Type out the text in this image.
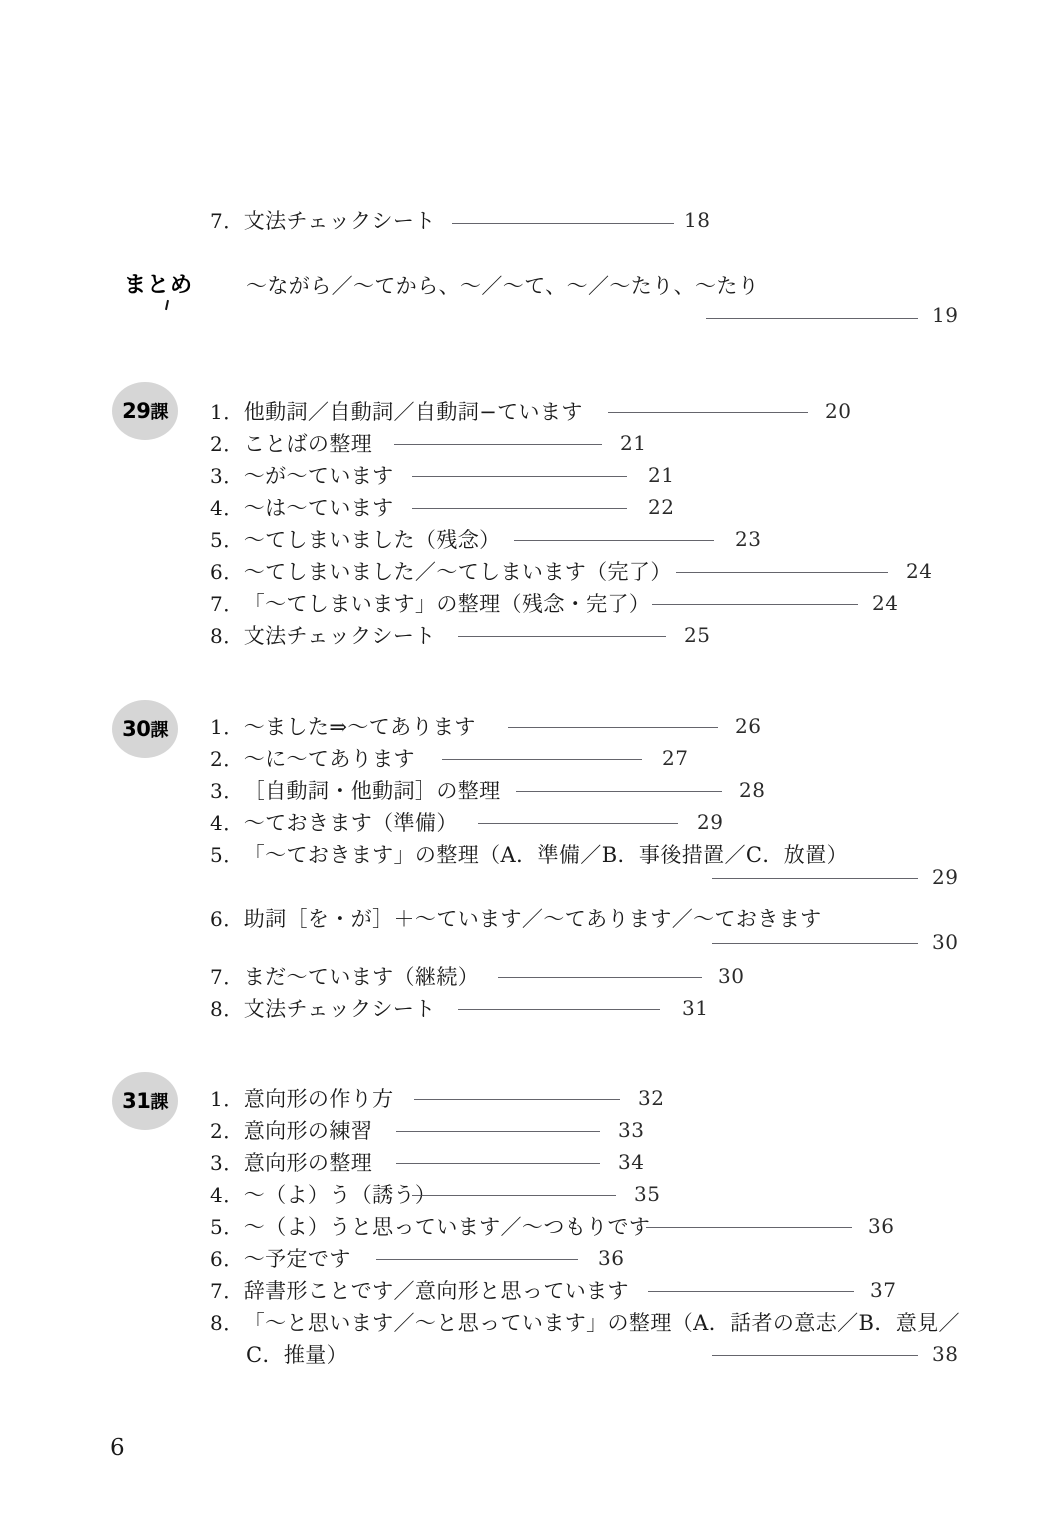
7． 文法チェックシート	18
まとめ	〜ながら／〜てから、〜／〜て、〜／〜たり、〜たり
19
29課 1． 他動詞／自動詞／自動詞−ています	20
2． ことばの整理	21
3． 〜が〜ています	21
4． 〜は〜ています	22
5． 〜てしまいました（残念）	23
6． 〜てしまいました／〜てしまいます（完了）	24
7． 「〜てしまいます」の整理（残念・完了）	24
8． 文法チェックシート	25
30課 1． 〜ました⇒〜てあります	26
2． 〜に〜てあります	27
3． ［自動詞・他動詞］の整理	28
4． 〜ておきます（準備）	29
5． 「〜ておきます」の整理（A．準備／B．事後措置／C．放置）
29
6． 助詞［を・が］＋〜ています／〜てあります／〜ておきます
30
7． まだ〜ています（継続）	30
8． 文法チェックシート	31
31課 1． 意向形の作り方	32
2． 意向形の練習	33
3． 意向形の整理	34
4． 〜（よ）う（誘う）	35
5． 〜（よ）うと思っています／〜つもりです	36
6． 〜予定です	36
7． 辞書形ことです／意向形と思っています	37
8． 「〜と思います／〜と思っています」の整理（A．話者の意志／B．意見／
C．推量）	38
6
